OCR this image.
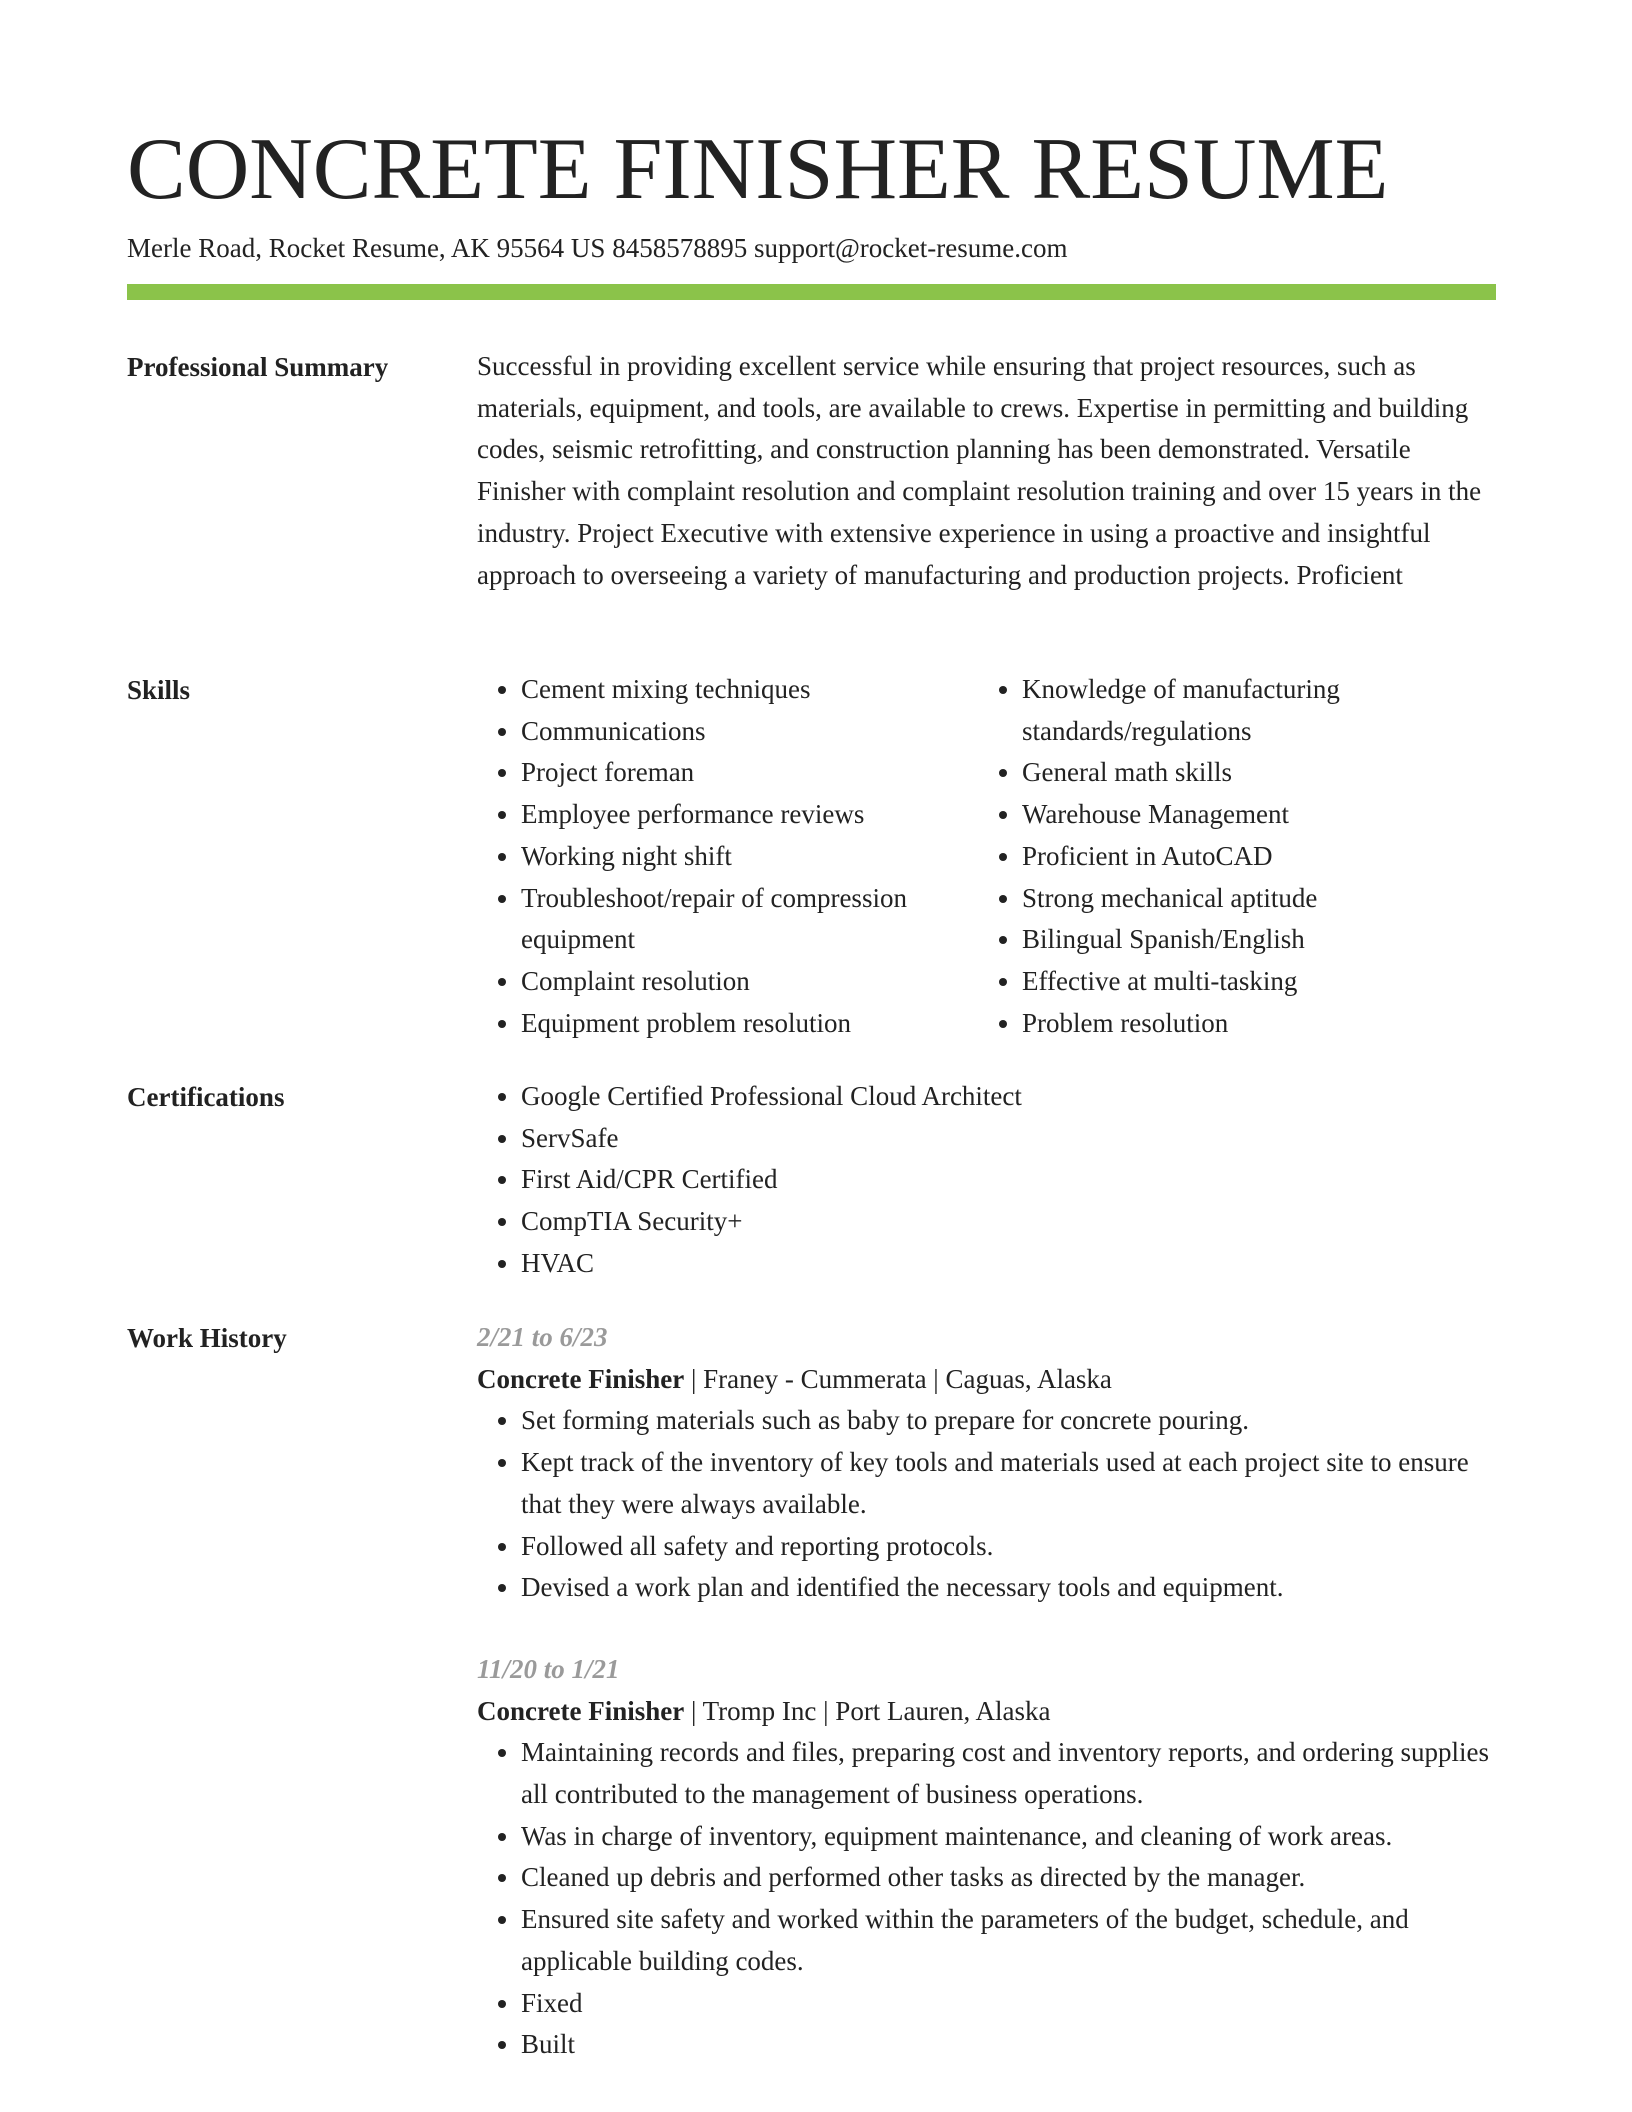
CONCRETE FINISHER RESUME
Merle Road, Rocket Resume, AK 95564 US 8458578895 support@rocket-resume.com
Professional Summary	Successful in providing excellent service while ensuring that project resources, such as materials, equipment, and tools, are available to crews. Expertise in permitting and building codes, seismic retrofitting, and construction planning has been demonstrated. Versatile Finisher with complaint resolution and complaint resolution training and over 15 years in the industry. Project Executive with extensive experience in using a proactive and insightful approach to overseeing a variety of manufacturing and production projects. Proficient

Skills	• Cement mixing techniques
• Communications
• Project foreman
• Employee performance reviews
• Working night shift
• Troubleshoot/repair of compression equipment
• Complaint resolution
• Equipment problem resolution
• Knowledge of manufacturing standards/regulations
• General math skills
• Warehouse Management
• Proficient in AutoCAD
• Strong mechanical aptitude
• Bilingual Spanish/English
• Effective at multi-tasking
• Problem resolution
Certifications	• Google Certified Professional Cloud Architect
• ServSafe
• First Aid/CPR Certified
• CompTIA Security+
• HVAC
Work History	2/21 to 6/23
Concrete Finisher | Franey - Cummerata | Caguas, Alaska
• Set forming materials such as baby to prepare for concrete pouring.
• Kept track of the inventory of key tools and materials used at each project site to ensure that they were always available.
• Followed all safety and reporting protocols.
• Devised a work plan and identified the necessary tools and equipment.
11/20 to 1/21
Concrete Finisher | Tromp Inc | Port Lauren, Alaska
• Maintaining records and files, preparing cost and inventory reports, and ordering supplies all contributed to the management of business operations.
• Was in charge of inventory, equipment maintenance, and cleaning of work areas.
• Cleaned up debris and performed other tasks as directed by the manager.
• Ensured site safety and worked within the parameters of the budget, schedule, and applicable building codes.
• Fixed
• Built
